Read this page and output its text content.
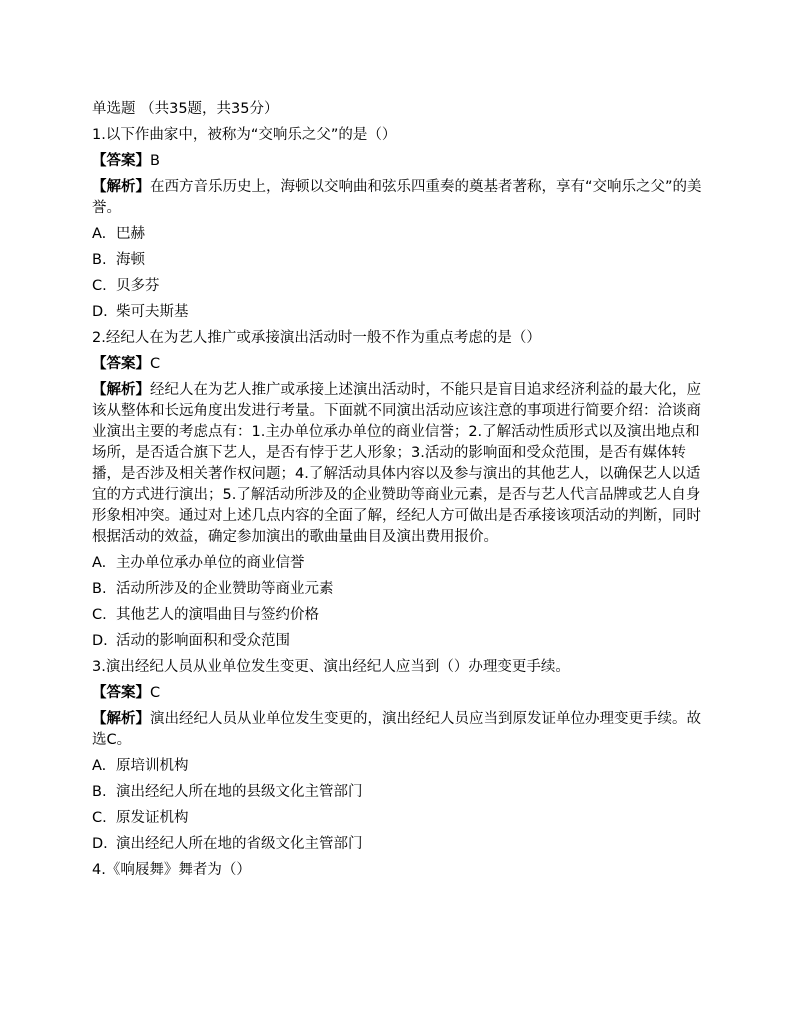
单选题 （共35题，共35分）
1.以下作曲家中，被称为“交响乐之父”的是（）
【答案】B
【解析】在西方音乐历史上，海顿以交响曲和弦乐四重奏的奠基者著称，享有“交响乐之父”的美誉。
A. 巴赫
B. 海顿
C. 贝多芬
D. 柴可夫斯基
2.经纪人在为艺人推广或承接演出活动时一般不作为重点考虑的是（）
【答案】C
【解析】经纪人在为艺人推广或承接上述演出活动时，不能只是盲目追求经济利益的最大化，应该从整体和长远角度出发进行考量。下面就不同演出活动应该注意的事项进行简要介绍：洽谈商业演出主要的考虑点有：1.主办单位承办单位的商业信誉；2.了解活动性质形式以及演出地点和场所，是否适合旗下艺人，是否有悖于艺人形象；3.活动的影响面和受众范围，是否有媒体转播，是否涉及相关著作权问题；4.了解活动具体内容以及参与演出的其他艺人，以确保艺人以适宜的方式进行演出；5.了解活动所涉及的企业赞助等商业元素，是否与艺人代言品牌或艺人自身形象相冲突。通过对上述几点内容的全面了解，经纪人方可做出是否承接该项活动的判断，同时根据活动的效益，确定参加演出的歌曲量曲目及演出费用报价。
A. 主办单位承办单位的商业信誉
B. 活动所涉及的企业赞助等商业元素
C. 其他艺人的演唱曲目与签约价格
D. 活动的影响面积和受众范围
3.演出经纪人员从业单位发生变更、演出经纪人应当到（）办理变更手续。
【答案】C
【解析】演出经纪人员从业单位发生变更的，演出经纪人员应当到原发证单位办理变更手续。故选C。
A. 原培训机构
B. 演出经纪人所在地的县级文化主管部门
C. 原发证机构
D. 演出经纪人所在地的省级文化主管部门
4.《响屐舞》舞者为（）
